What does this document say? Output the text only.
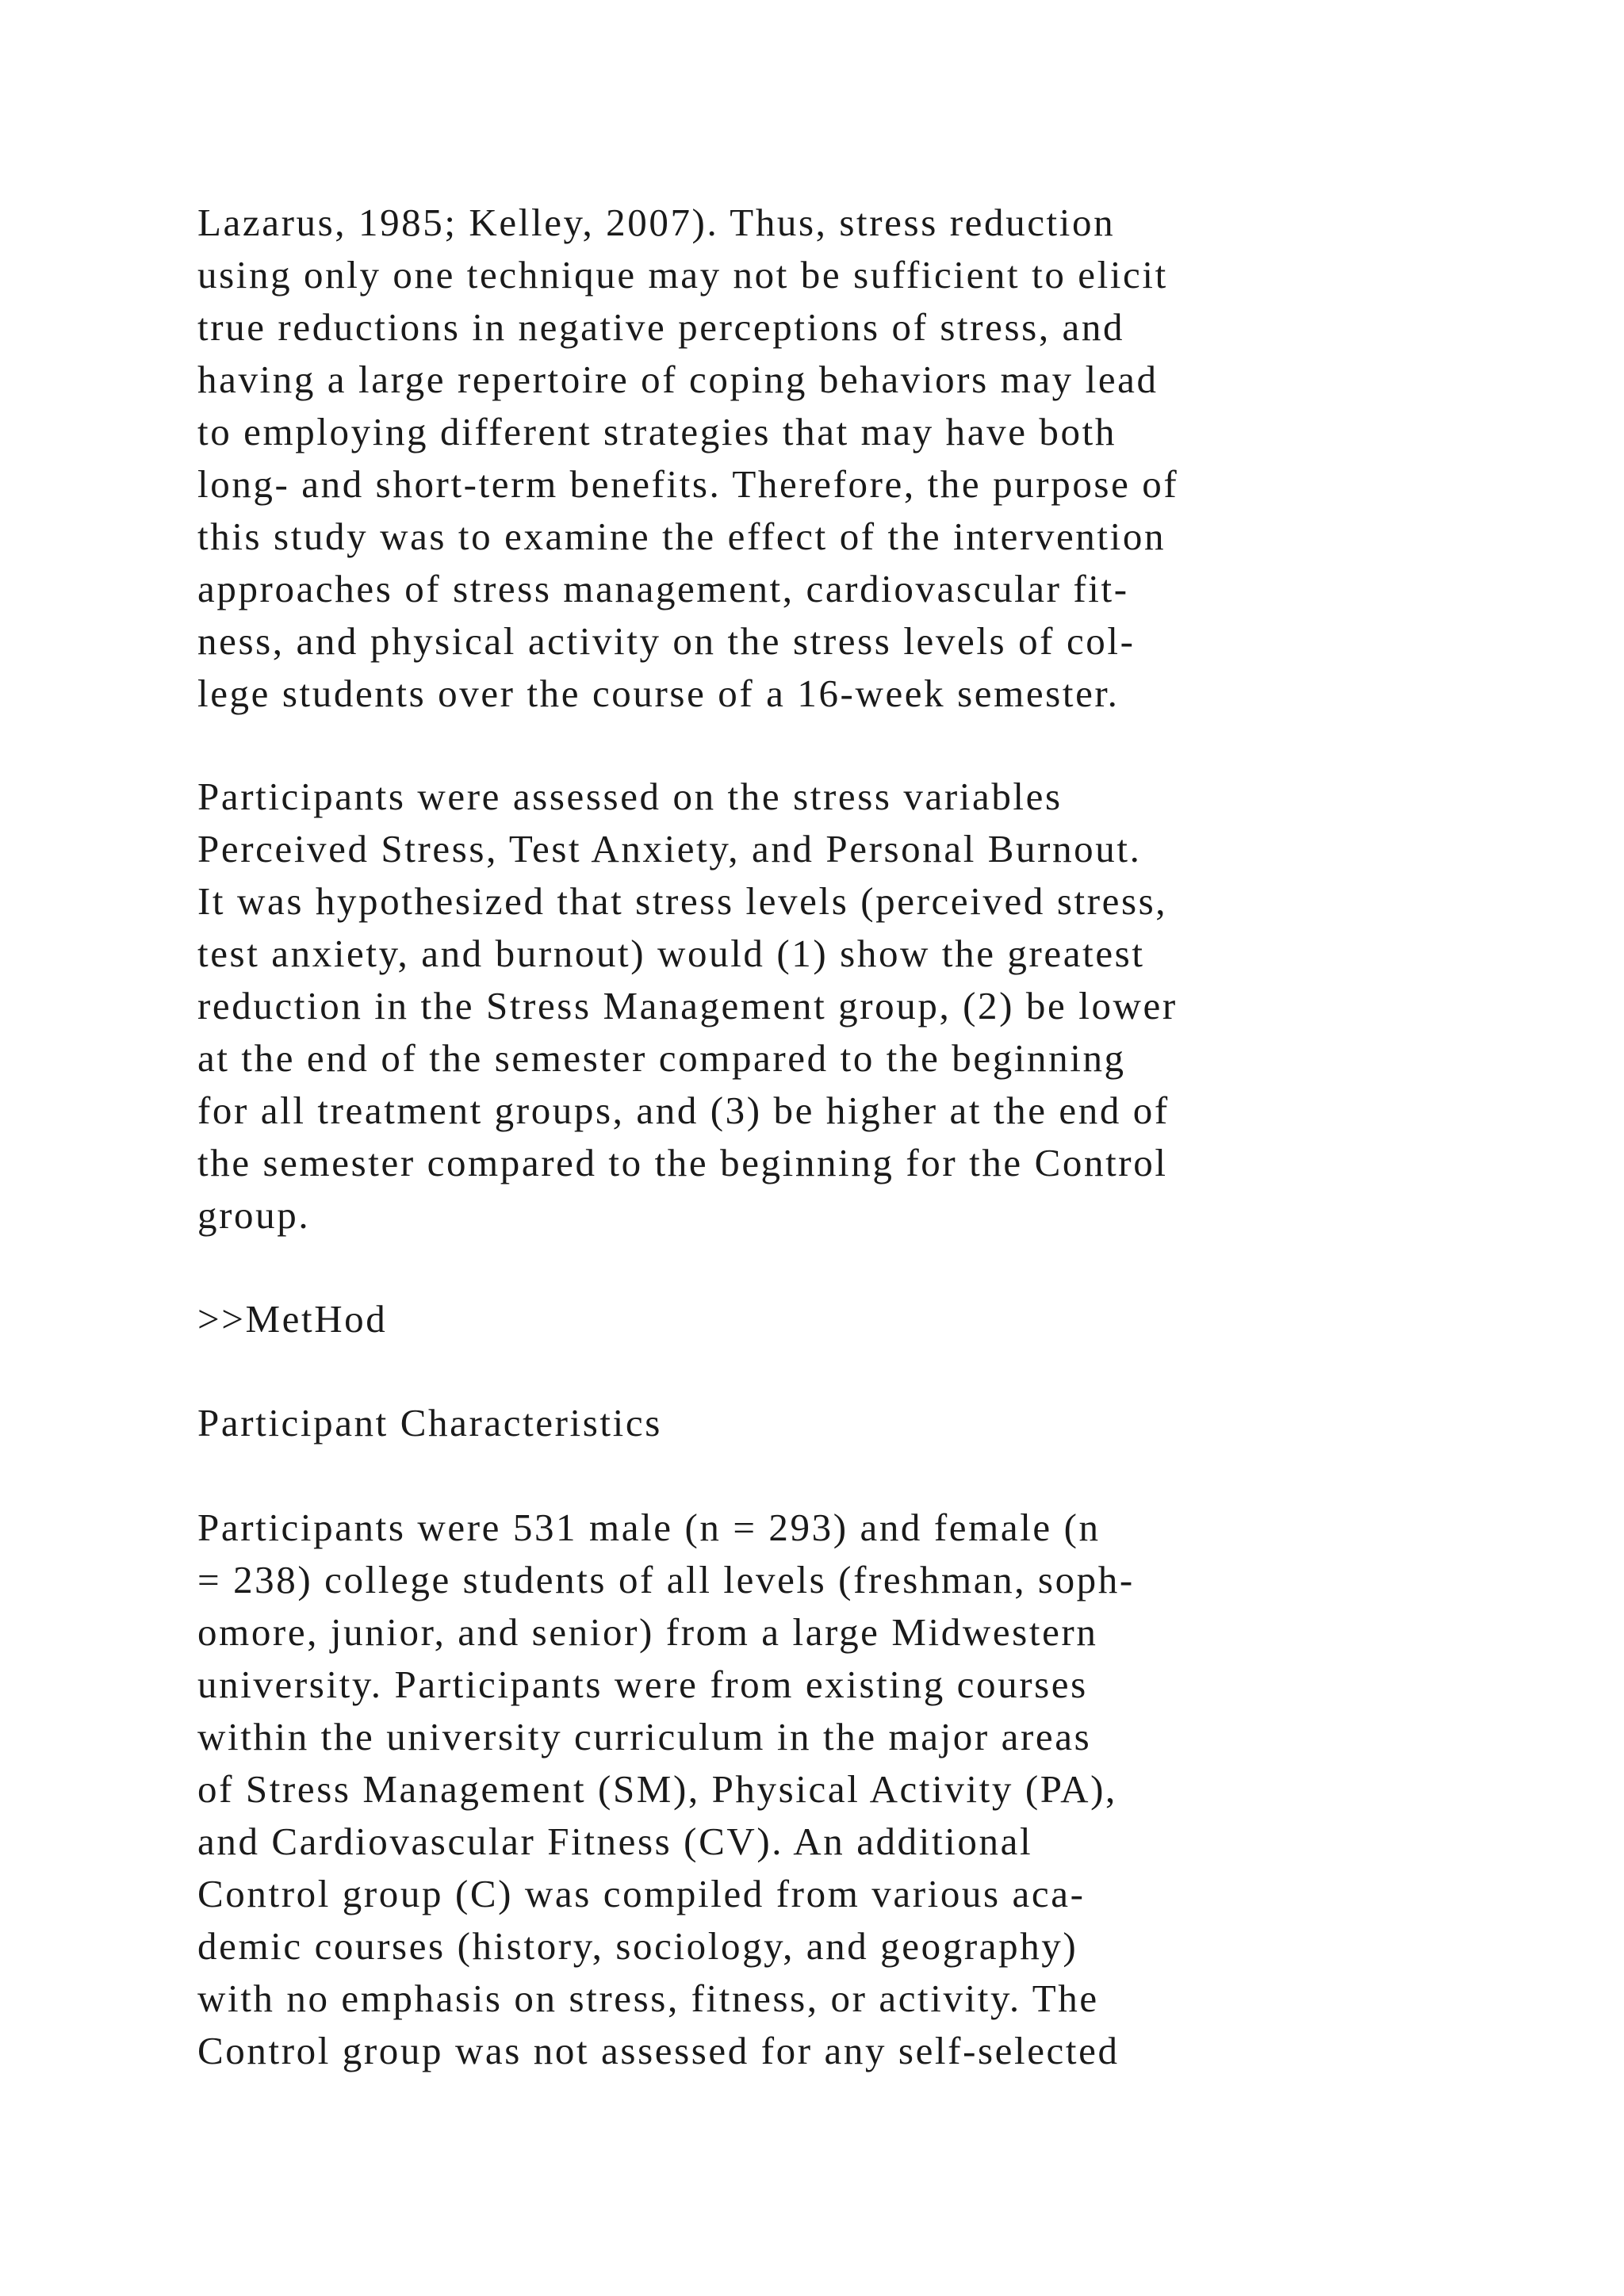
Lazarus, 1985; Kelley, 2007). Thus, stress reduction
using only one technique may not be sufficient to elicit
true reductions in negative perceptions of stress, and
having a large repertoire of coping behaviors may lead
to employing different strategies that may have both
long- and short-term benefits. Therefore, the purpose of
this study was to examine the effect of the intervention
approaches of stress management, cardiovascular fit-
ness, and physical activity on the stress levels of col-
lege students over the course of a 16-week semester.
Participants were assessed on the stress variables
Perceived Stress, Test Anxiety, and Personal Burnout.
It was hypothesized that stress levels (perceived stress,
test anxiety, and burnout) would (1) show the greatest
reduction in the Stress Management group, (2) be lower
at the end of the semester compared to the beginning
for all treatment groups, and (3) be higher at the end of
the semester compared to the beginning for the Control
group.
>>MetHod
Participant Characteristics
Participants were 531 male (n = 293) and female (n
= 238) college students of all levels (freshman, soph-
omore, junior, and senior) from a large Midwestern
university. Participants were from existing courses
within the university curriculum in the major areas
of Stress Management (SM), Physical Activity (PA),
and Cardiovascular Fitness (CV). An additional
Control group (C) was compiled from various aca-
demic courses (history, sociology, and geography)
with no emphasis on stress, fitness, or activity. The
Control group was not assessed for any self-selected
